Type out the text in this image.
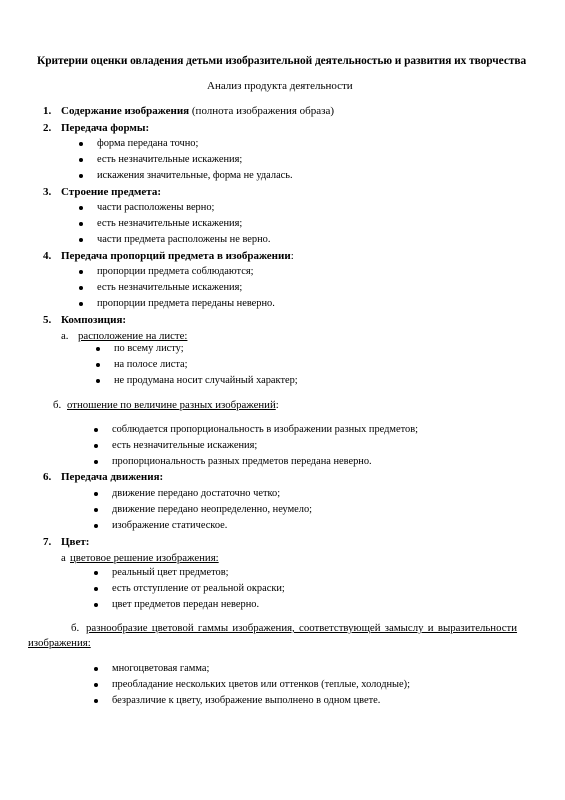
Критерии оценки овладения детьми изобразительной деятельностью и развития их творчества
Анализ продукта деятельности
1. Содержание изображения (полнота изображения образа)
2. Передача формы:
форма передана точно;
есть незначительные искажения;
искажения значительные, форма не удалась.
3. Строение предмета:
части расположены верно;
есть незначительные искажения;
части предмета расположены не верно.
4. Передача пропорций предмета в изображении:
пропорции предмета соблюдаются;
есть незначительные искажения;
пропорции предмета переданы неверно.
5. Композиция:
а. расположение на листе:
по всему листу;
на полосе листа;
не продумана носит случайный характер;
б. отношение по величине разных изображений:
соблюдается пропорциональность в изображении разных предметов;
есть незначительные искажения;
пропорциональность разных предметов передана неверно.
6. Передача движения:
движение передано достаточно четко;
движение передано неопределенно, неумело;
изображение статическое.
7. Цвет:
а цветовое решение изображения:
реальный цвет предметов;
есть отступление от реальной окраски;
цвет предметов передан неверно.
б. разнообразие цветовой гаммы изображения, соответствующей замыслу и выразительности
изображения:
многоцветовая гамма;
преобладание нескольких цветов или оттенков (теплые, холодные);
безразличие к цвету, изображение выполнено в одном цвете.
